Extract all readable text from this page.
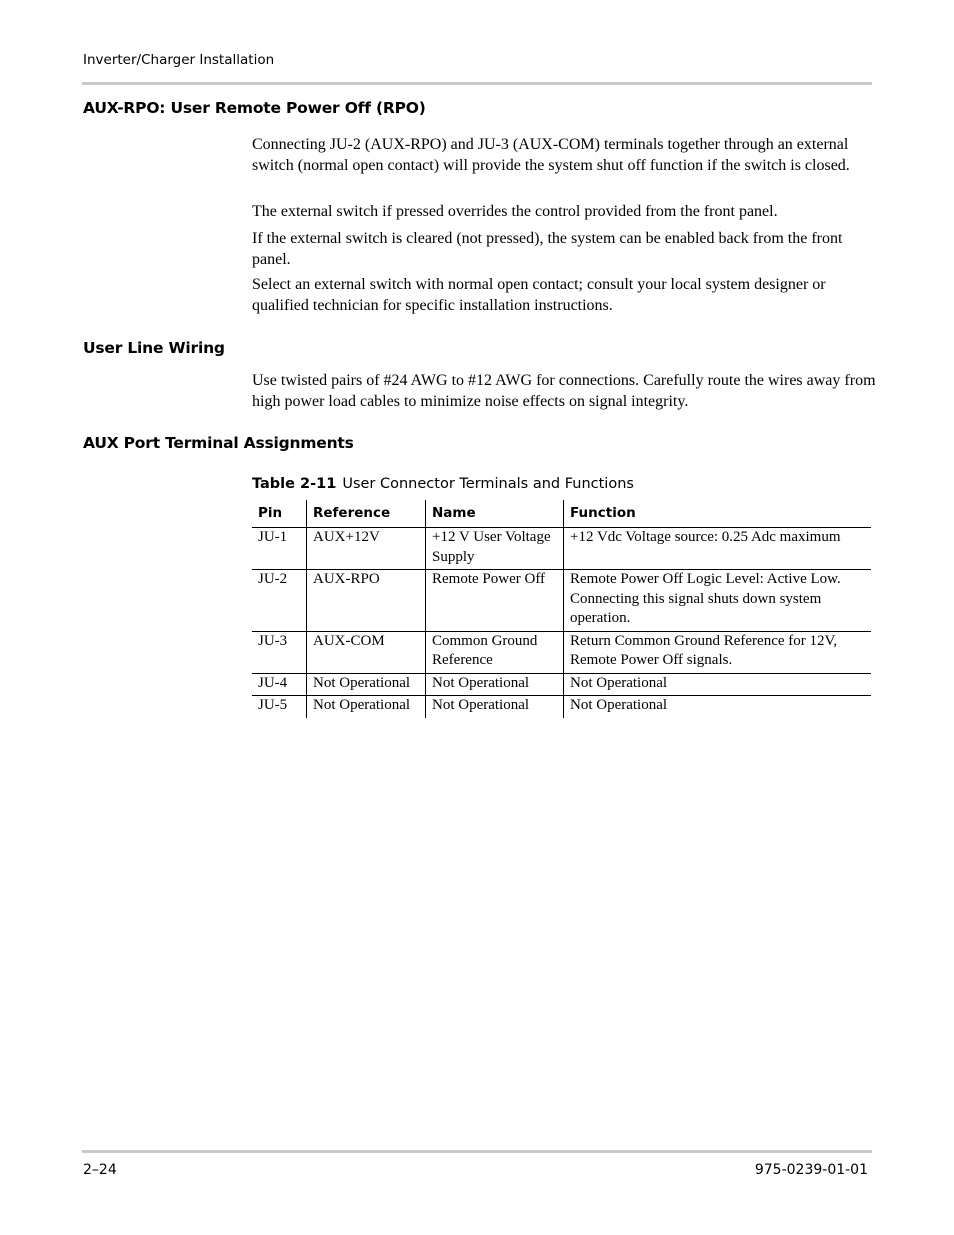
Inverter/Charger Installation
AUX-RPO: User Remote Power Off (RPO)

Connecting JU-2 (AUX-RPO) and JU-3 (AUX-COM) terminals together through an external switch (normal open contact) will provide the system shut off function if the switch is closed.

The external switch if pressed overrides the control provided from the front panel.

If the external switch is cleared (not pressed), the system can be enabled back from the front panel.

Select an external switch with normal open contact; consult your local system designer or qualified technician for specific installation instructions.

User Line Wiring

Use twisted pairs of #24 AWG to #12 AWG for connections. Carefully route the wires away from high power load cables to minimize noise effects on signal integrity.

AUX Port Terminal Assignments
Table 2-11 User Connector Terminals and Functions
Pin	Reference	Name	Function
JU-1	AUX+12V	+12 V User Voltage Supply	+12 Vdc Voltage source: 0.25 Adc maximum
JU-2	AUX-RPO	Remote Power Off	Remote Power Off Logic Level: Active Low. Connecting this signal shuts down system operation.
JU-3	AUX-COM	Common Ground Reference	Return Common Ground Reference for 12V, Remote Power Off signals.
JU-4	Not Operational	Not Operational	Not Operational
JU-5	Not Operational	Not Operational	Not Operational
2–24	975-0239-01-01
